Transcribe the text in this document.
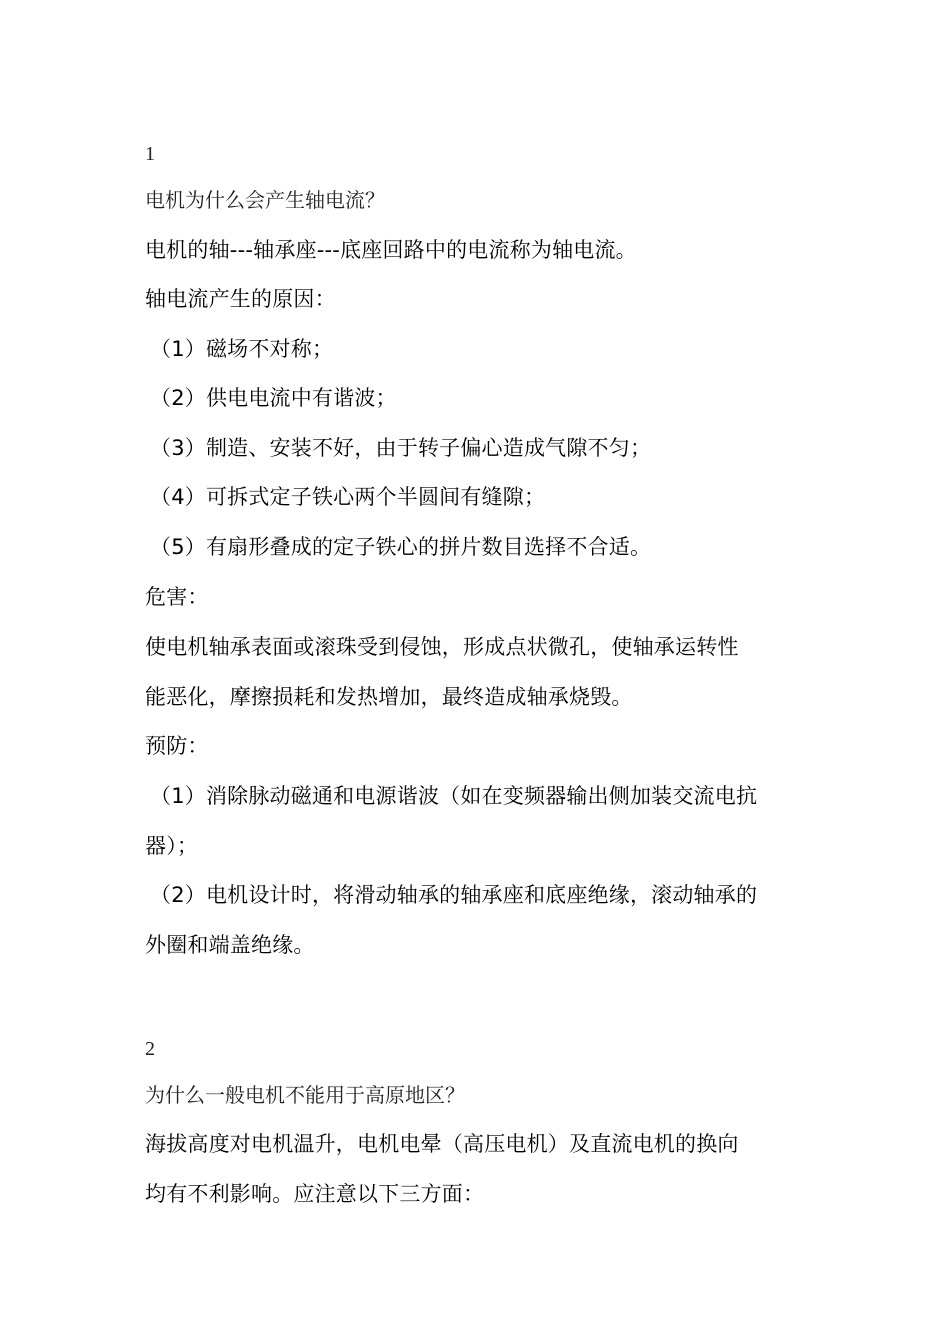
1
电机为什么会产生轴电流？
电机的轴---轴承座---底座回路中的电流称为轴电流。
轴电流产生的原因：
（1）磁场不对称；
（2）供电电流中有谐波；
（3）制造、安装不好，由于转子偏心造成气隙不匀；
（4）可拆式定子铁心两个半圆间有缝隙；
（5）有扇形叠成的定子铁心的拼片数目选择不合适。
危害：
使电机轴承表面或滚珠受到侵蚀，形成点状微孔，使轴承运转性
能恶化，摩擦损耗和发热增加，最终造成轴承烧毁。
预防：
（1）消除脉动磁通和电源谐波（如在变频器输出侧加装交流电抗
器）；
（2）电机设计时，将滑动轴承的轴承座和底座绝缘，滚动轴承的
外圈和端盖绝缘。
2
为什么一般电机不能用于高原地区？
海拔高度对电机温升，电机电晕（高压电机）及直流电机的换向
均有不利影响。应注意以下三方面：
